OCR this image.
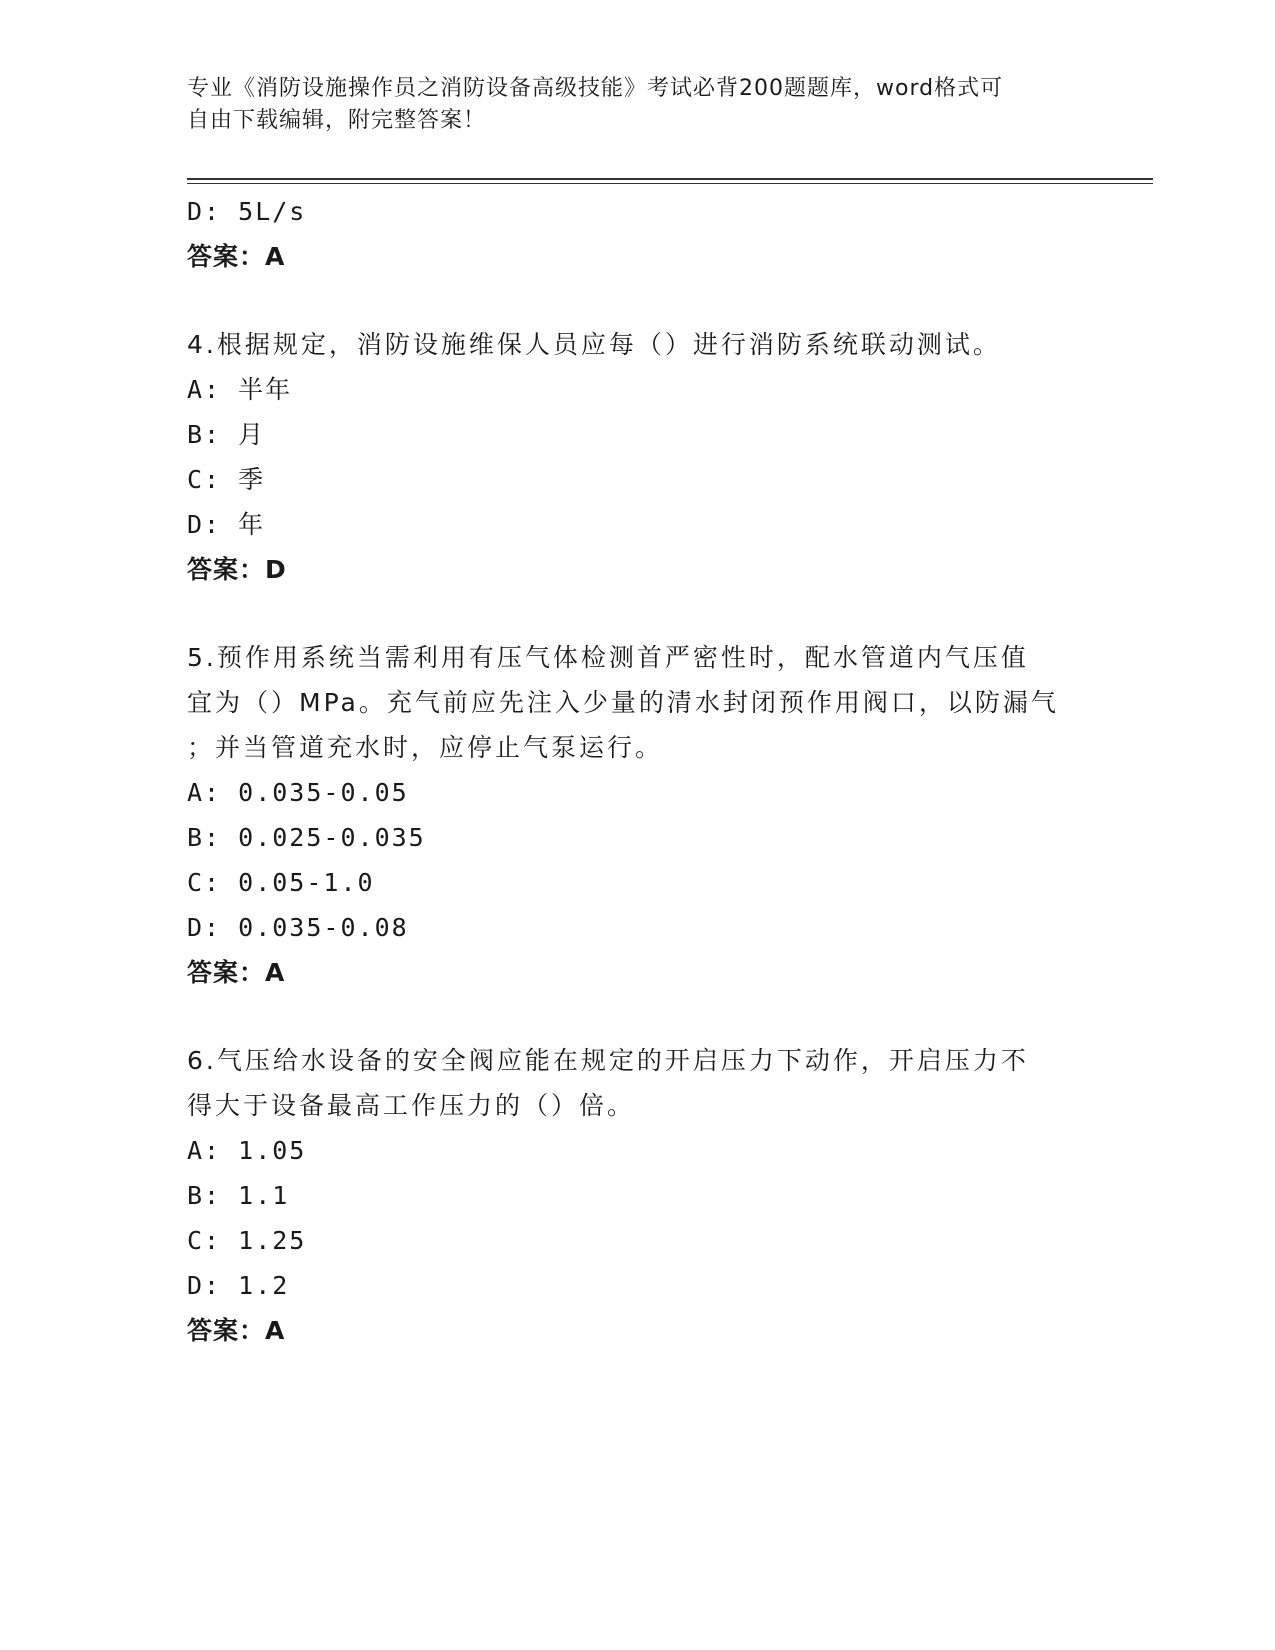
专业《消防设施操作员之消防设备高级技能》考试必背200题题库，word格式可
自由下载编辑，附完整答案！
D: 5L/s
答案：A
4.根据规定，消防设施维保人员应每（）进行消防系统联动测试。
A: 半年
B: 月
C: 季
D: 年
答案：D
5.预作用系统当需利用有压气体检测首严密性时，配水管道内气压值
宜为（）MPa。充气前应先注入少量的清水封闭预作用阀口，以防漏气
；并当管道充水时，应停止气泵运行。
A: 0.035-0.05
B: 0.025-0.035
C: 0.05-1.0
D: 0.035-0.08
答案：A
6.气压给水设备的安全阀应能在规定的开启压力下动作，开启压力不
得大于设备最高工作压力的（）倍。
A: 1.05
B: 1.1
C: 1.25
D: 1.2
答案：A
